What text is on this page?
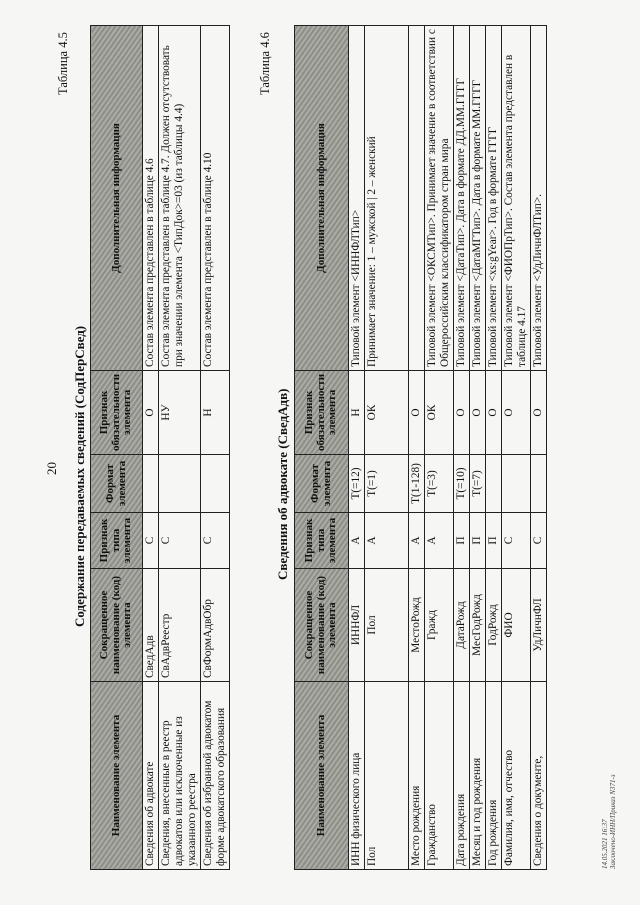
20
Таблица 4.5
Содержание передаваемых сведений (СодПерСвед)
Наименование элемента	Сокращенное наименование (код) элемента	Признак типа элемента	Формат элемента	Признак обязательности элемента	Дополнительная информация
Сведения об адвокате	СведАдв	С		О	Состав элемента представлен в таблице 4.6
Сведения, внесенные в реестр адвокатов или исключенные из указанного реестра	СвАдвРеестр	С		НУ	Состав элемента представлен в таблице 4.7. Должен отсутствовать при значении элемента <ТипДок>=03 (из таблицы 4.4)
Сведения об избранной адвокатом форме адвокатского образования	СвФормАдвОбр	С		Н	Состав элемента представлен в таблице 4.10
Таблица 4.6
Сведения об адвокате (СведАдв)
Наименование элемента	Сокращенное наименование (код) элемента	Признак типа элемента	Формат элемента	Признак обязательности элемента	Дополнительная информация
ИНН физического лица	ИННФЛ	А	T(=12)	Н	Типовой элемент <ИННФЛТип>
Пол	Пол	А	T(=1)	ОК	Принимает значение: 1 – мужской | 2 – женский
Место рождения	МестоРожд	А	T(1-128)	О	
Гражданство	Гражд	А	T(=3)	ОК	Типовой элемент <ОКСМТип>. Принимает значение в соответствии с Общероссийским классификатором стран мира
Дата рождения	ДатаРожд	П	T(=10)	О	Типовой элемент <ДатаТип>. Дата в формате ДД.ММ.ГГГГ
Месяц и год рождения	МесГодРожд	П	T(=7)	О	Типовой элемент <ДатаМГТип>. Дата в формате ММ.ГГГГ
Год рождения	ГодРожд	П		О	Типовой элемент <xs:gYear>. Год в формате ГГГГ
Фамилия, имя, отчество	ФИО	С		О	Типовой элемент <ФИОПрТип>. Состав элемента представлен в таблице 4.17
Сведения о документе,	УдЛичнФЛ	С		О	Типовой элемент <УдЛичнФЛТип>.
14.05.2021 16:37
Заключено-ИНН/Приказ N371-з
